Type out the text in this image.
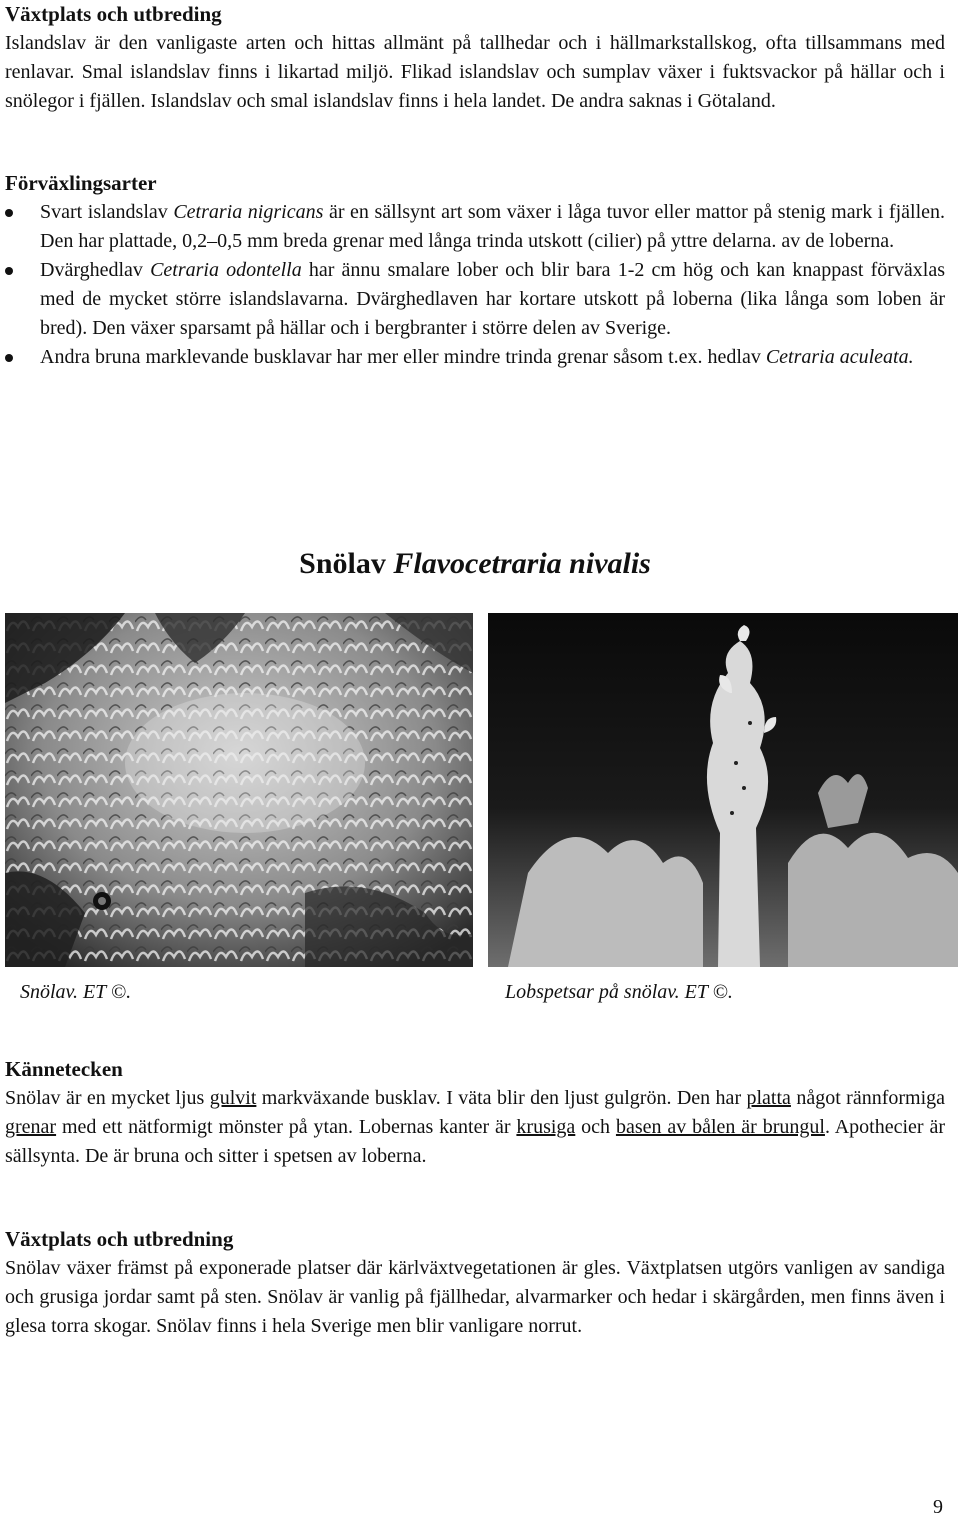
Växtplats och utbreding

Islandslav är den vanligaste arten och hittas allmänt på tallhedar och i hällmarkstallskog, ofta tillsammans med renlavar. Smal islandslav finns i likartad miljö. Flikad islandslav och sumplav växer i fuktsvackor på hällar och i snölegor i fjällen. Islandslav och smal islandslav finns i hela landet. De andra saknas i Götaland.

Förväxlingsarter
Svart islandslav Cetraria nigricans är en sällsynt art som växer i låga tuvor eller mattor på stenig mark i fjällen. Den har plattade, 0,2–0,5 mm breda grenar med långa trinda utskott (cilier) på yttre delarna. av de loberna.
Dvärghedlav Cetraria odontella har ännu smalare lober och blir bara 1-2 cm hög och kan knappast förväxlas med de mycket större islandslavarna. Dvärghedlaven har kortare utskott på loberna (lika långa som loben är bred). Den växer sparsamt på hällar och i bergbranter i större delen av Sverige.
Andra bruna marklevande busklavar har mer eller mindre trinda grenar såsom t.ex. hedlav Cetraria aculeata.
Snölav Flavocetraria nivalis
Snölav. ET ©.	Lobspetsar på snölav. ET ©.
Kännetecken

Snölav är en mycket ljus gulvit markväxande busklav. I väta blir den ljust gulgrön. Den har platta något rännformiga grenar med ett nätformigt mönster på ytan. Lobernas kanter är krusiga och basen av bålen är brungul. Apothecier är sällsynta. De är bruna och sitter i spetsen av loberna.

Växtplats och utbredning

Snölav växer främst på exponerade platser där kärlväxtvegetationen är gles. Växtplatsen utgörs vanligen av sandiga och grusiga jordar samt på sten. Snölav är vanlig på fjällhedar, alvarmarker och hedar i skärgården, men finns även i glesa torra skogar. Snölav finns i hela Sverige men blir vanligare norrut.

9
